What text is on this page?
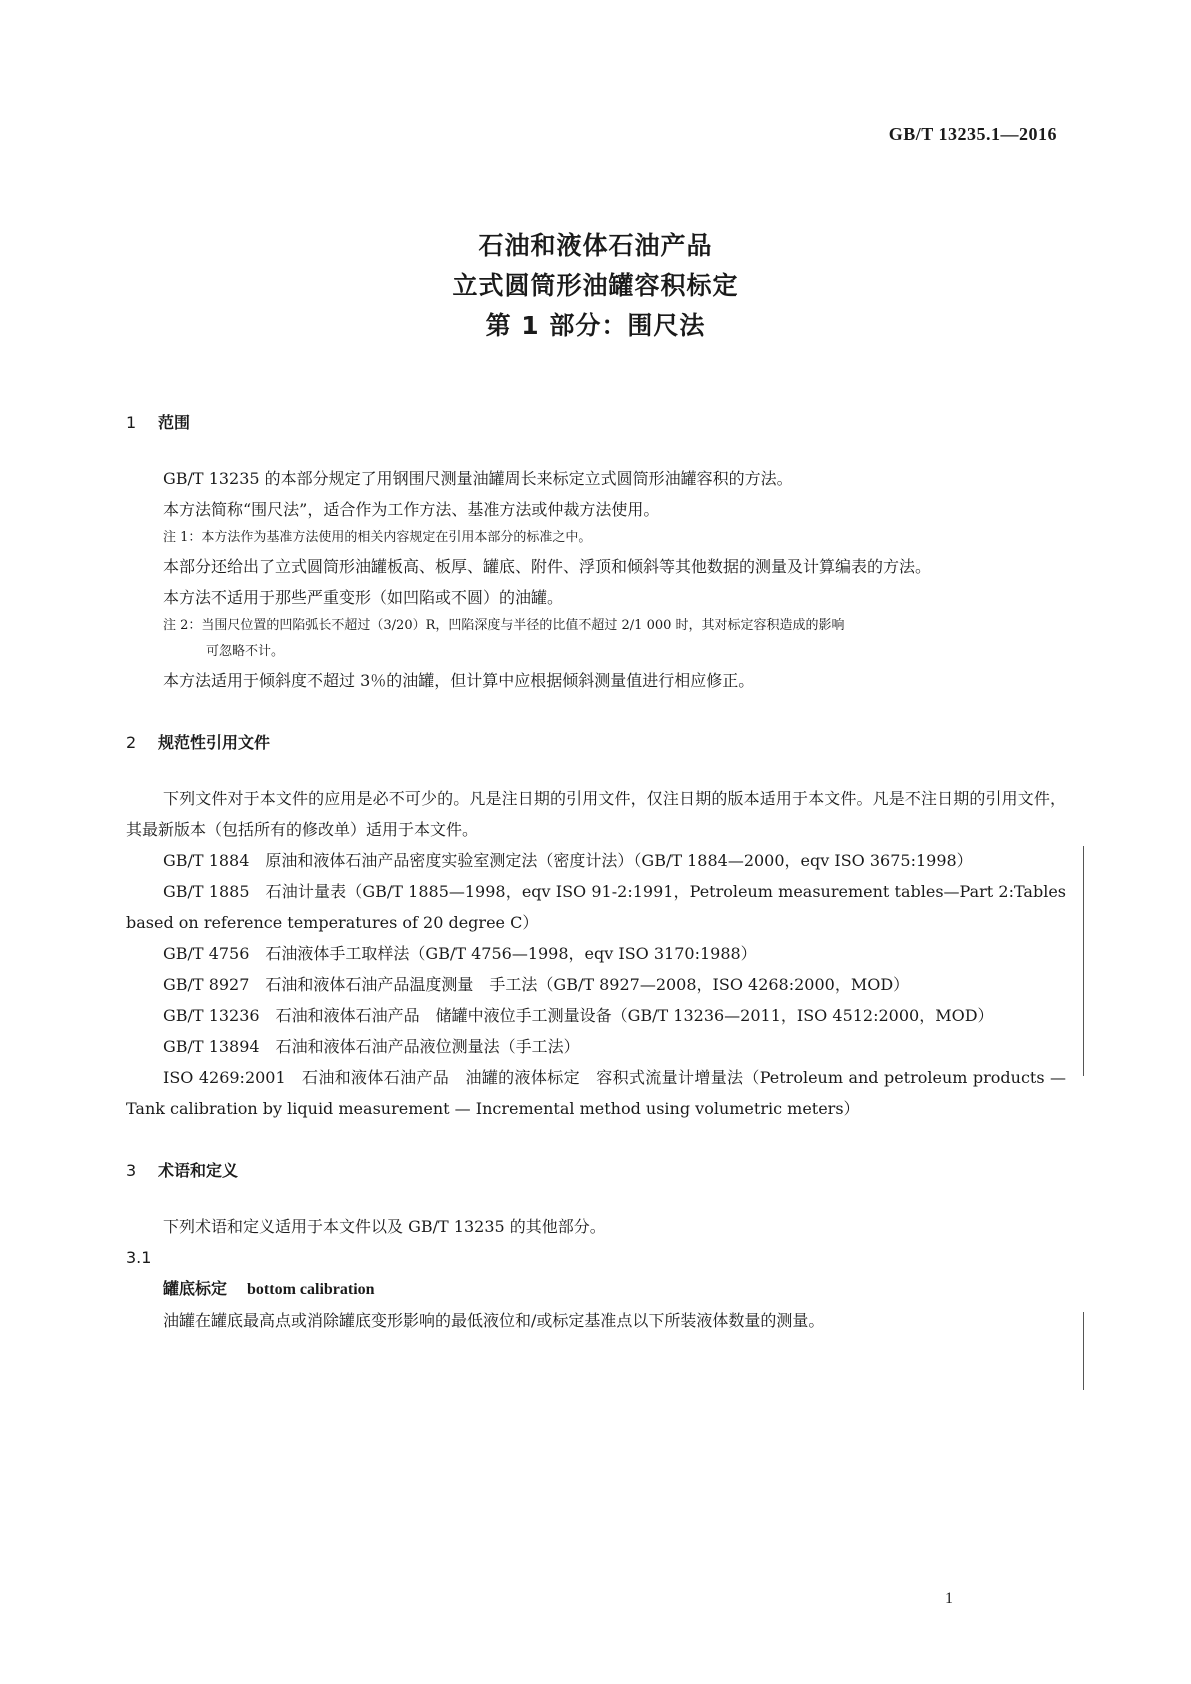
GB/T 13235.1—2016
石油和液体石油产品
立式圆筒形油罐容积标定
第 1 部分：围尺法
1 范围

GB/T 13235 的本部分规定了用钢围尺测量油罐周长来标定立式圆筒形油罐容积的方法。

本方法简称“围尺法”，适合作为工作方法、基准方法或仲裁方法使用。

注 1：本方法作为基准方法使用的相关内容规定在引用本部分的标准之中。

本部分还给出了立式圆筒形油罐板高、板厚、罐底、附件、浮顶和倾斜等其他数据的测量及计算编表的方法。

本方法不适用于那些严重变形（如凹陷或不圆）的油罐。

注 2：当围尺位置的凹陷弧长不超过（3/20）R，凹陷深度与半径的比值不超过 2/1 000 时，其对标定容积造成的影响

可忽略不计。

本方法适用于倾斜度不超过 3％的油罐，但计算中应根据倾斜测量值进行相应修正。

2 规范性引用文件

下列文件对于本文件的应用是必不可少的。凡是注日期的引用文件，仅注日期的版本适用于本文件。凡是不注日期的引用文件，其最新版本（包括所有的修改单）适用于本文件。

GB/T 1884 原油和液体石油产品密度实验室测定法（密度计法）（GB/T 1884—2000，eqv ISO 3675:1998）

GB/T 1885 石油计量表（GB/T 1885—1998，eqv ISO 91-2:1991，Petroleum measurement tables—Part 2:Tables based on reference temperatures of 20 degree C）

GB/T 4756 石油液体手工取样法（GB/T 4756—1998，eqv ISO 3170:1988）

GB/T 8927 石油和液体石油产品温度测量　手工法（GB/T 8927—2008，ISO 4268:2000，MOD）

GB/T 13236 石油和液体石油产品　储罐中液位手工测量设备（GB/T 13236—2011，ISO 4512:2000，MOD）

GB/T 13894 石油和液体石油产品液位测量法（手工法）

ISO 4269:2001 石油和液体石油产品　油罐的液体标定　容积式流量计增量法（Petroleum and petroleum products — Tank calibration by liquid measurement — Incremental method using volumetric meters）

3 术语和定义

下列术语和定义适用于本文件以及 GB/T 13235 的其他部分。

3.1

罐底标定 bottom calibration

油罐在罐底最高点或消除罐底变形影响的最低液位和/或标定基准点以下所装液体数量的测量。

1
